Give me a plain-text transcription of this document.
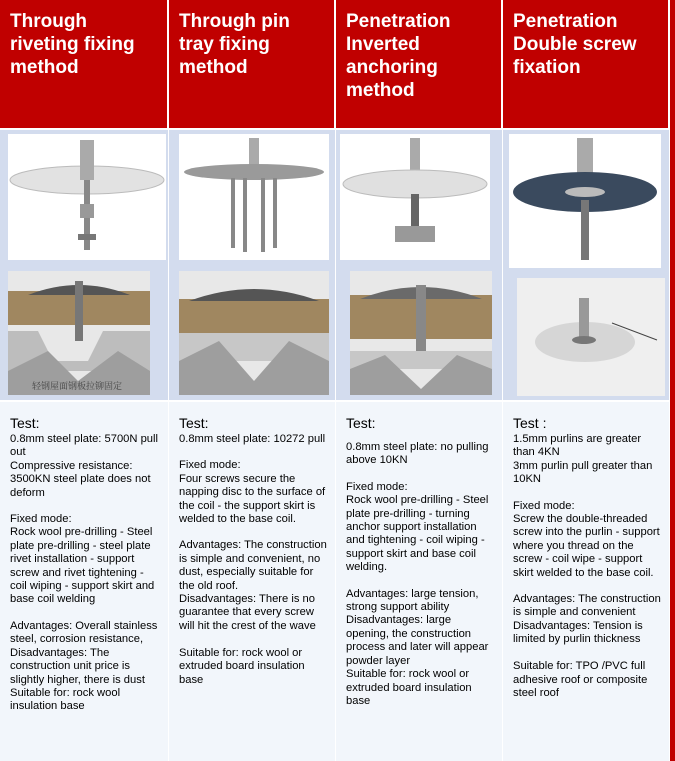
Through riveting fixing method
轻钢屋面钢板拉铆固定
Test:
0.8mm steel plate: 5700N pull out
Compressive resistance: 3500KN steel plate does not deform
Fixed mode:
Rock wool pre-drilling - Steel plate pre-drilling - steel plate rivet installation - support screw and rivet tightening - coil wiping - support skirt and base coil welding
Advantages: Overall stainless steel, corrosion resistance,
Disadvantages: The construction unit price is slightly higher, there is dust
Suitable for: rock wool insulation base
Through pin tray fixing method
Test:
0.8mm steel plate: 10272 pull
Fixed mode:
Four screws secure the napping disc to the surface of the coil - the support skirt is welded to the base coil.
Advantages: The construction is simple and convenient, no dust, especially suitable for the old roof.
Disadvantages: There is no guarantee that every screw will hit the crest of the wave

Suitable for: rock wool or extruded board insulation base
Penetration Inverted anchoring method
Test:
0.8mm steel plate: no pulling above 10KN
Fixed mode:
Rock wool pre-drilling - Steel plate pre-drilling - turning anchor support installation and tightening - coil wiping - support skirt and base coil welding.
Advantages: large tension, strong support ability
Disadvantages: large opening, the construction process and later will appear powder layer
Suitable for: rock wool or extruded board insulation base
Penetration Double screw fixation
Test :
1.5mm purlins are greater than 4KN
3mm purlin pull greater than 10KN
Fixed mode:
Screw the double-threaded screw into the purlin - support where you thread on the screw - coil wipe - support skirt welded to the base coil.
Advantages: The construction is simple and convenient
Disadvantages: Tension is limited by purlin thickness

Suitable for: TPO /PVC full adhesive roof or composite steel roof
